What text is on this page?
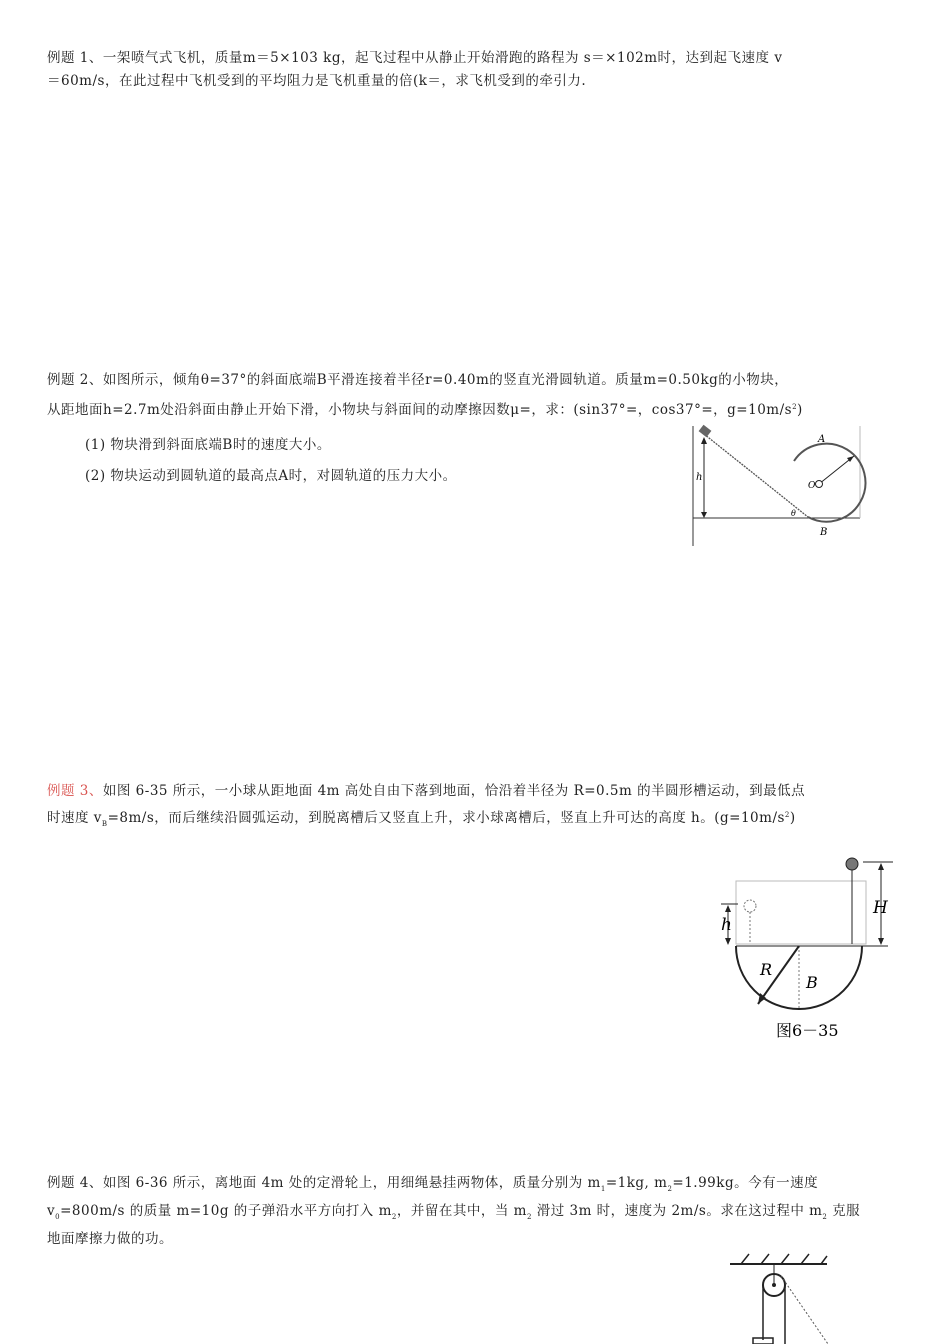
例题 1、一架喷气式飞机，质量m＝5×103 kg，起飞过程中从静止开始滑跑的路程为 s＝×102m时，达到起飞速度 v
＝60m/s，在此过程中飞机受到的平均阻力是飞机重量的倍(k＝，求飞机受到的牵引力.
例题 2、如图所示，倾角θ=37°的斜面底端B平滑连接着半径r=0.40m的竖直光滑圆轨道。质量m=0.50kg的小物块，
从距地面h=2.7m处沿斜面由静止开始下滑，小物块与斜面间的动摩擦因数μ=，求：(sin37°=，cos37°=，$g=10m/s^2$)
(1) 物块滑到斜面底端B时的速度大小。
(2) 物块运动到圆轨道的最高点A时，对圆轨道的压力大小。	h
O
A
θ
B
例题 3、如图 6-35 所示，一小球从距地面 4m 高处自由下落到地面，恰沿着半径为 R=0.5m 的半圆形槽运动，到最低点
时速度 $v_B=8m/s$，而后继续沿圆弧运动，到脱离槽后又竖直上升，求小球离槽后，竖直上升可达的高度 h。$(g=10m/s^2)$
H
h
R
B
图6－35
例题 4、如图 6-36 所示，离地面 4m 处的定滑轮上，用细绳悬挂两物体，质量分别为 $m_1=1kg$, $m_2=1.99kg$。今有一速度
$v_0=800m/s$ 的质量 m=10g 的子弹沿水平方向打入 $m_2$，并留在其中，当 $m_2$ 滑过 3m 时，速度为 2m/s。求在这过程中 $m_2$ 克服
地面摩擦力做的功。
